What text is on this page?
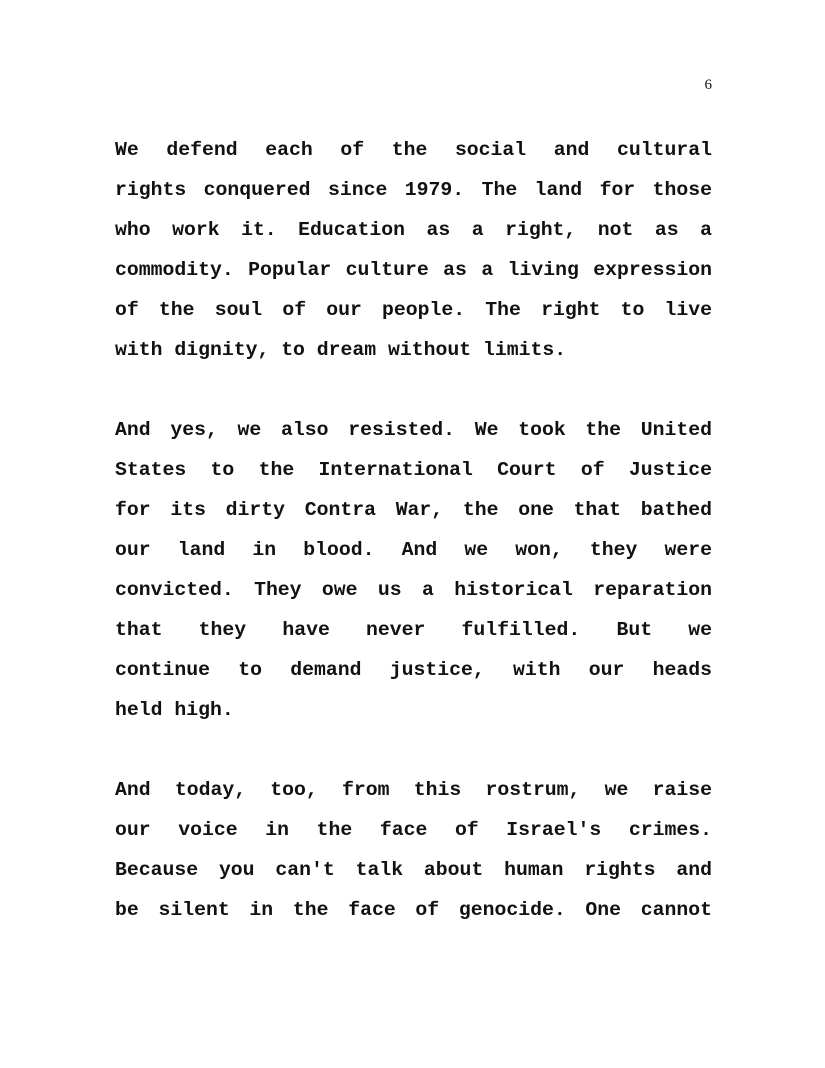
6

We defend each of the social and cultural
rights conquered since 1979. The land for those
who work it. Education as a right, not as a
commodity. Popular culture as a living expression
of the soul of our people. The right to live
with dignity, to dream without limits.

And yes, we also resisted. We took the United
States to the International Court of Justice
for its dirty Contra War, the one that bathed
our land in blood. And we won, they were
convicted. They owe us a historical reparation
that they have never fulfilled. But we
continue to demand justice, with our heads
held high.

And today, too, from this rostrum, we raise
our voice in the face of Israel's crimes.
Because you can't talk about human rights and
be silent in the face of genocide. One cannot
